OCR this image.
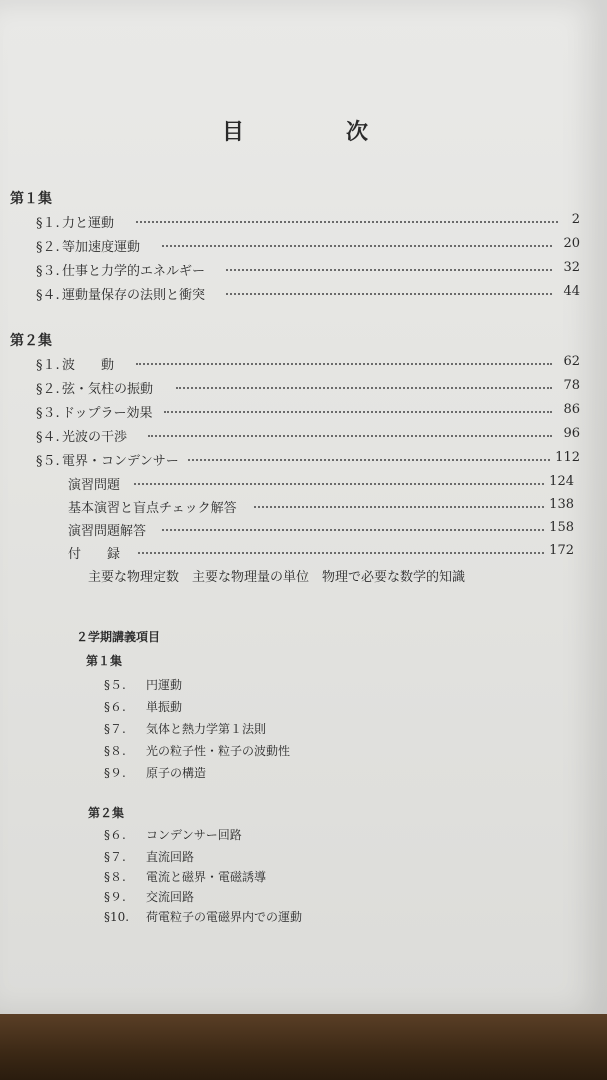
目	次
第１集
§１. 力と運動	2
§２. 等加速度運動	20
§３. 仕事と力学的エネルギー	32
§４. 運動量保存の法則と衝突	44
第２集
§１. 波　　動	62
§２. 弦・気柱の振動	78
§３. ドップラー効果	86
§４. 光波の干渉	96
§５. 電界・コンデンサー	112
演習問題	124
基本演習と盲点チェック解答	138
演習問題解答	158
付　　録	172
主要な物理定数　主要な物理量の単位　物理で必要な数学的知識
２学期講義項目
第１集
§５. 円運動
§６. 単振動
§７. 気体と熱力学第１法則
§８. 光の粒子性・粒子の波動性
§９. 原子の構造
第２集
§６. コンデンサー回路
§７. 直流回路
§８. 電流と磁界・電磁誘導
§９. 交流回路
§10. 荷電粒子の電磁界内での運動
